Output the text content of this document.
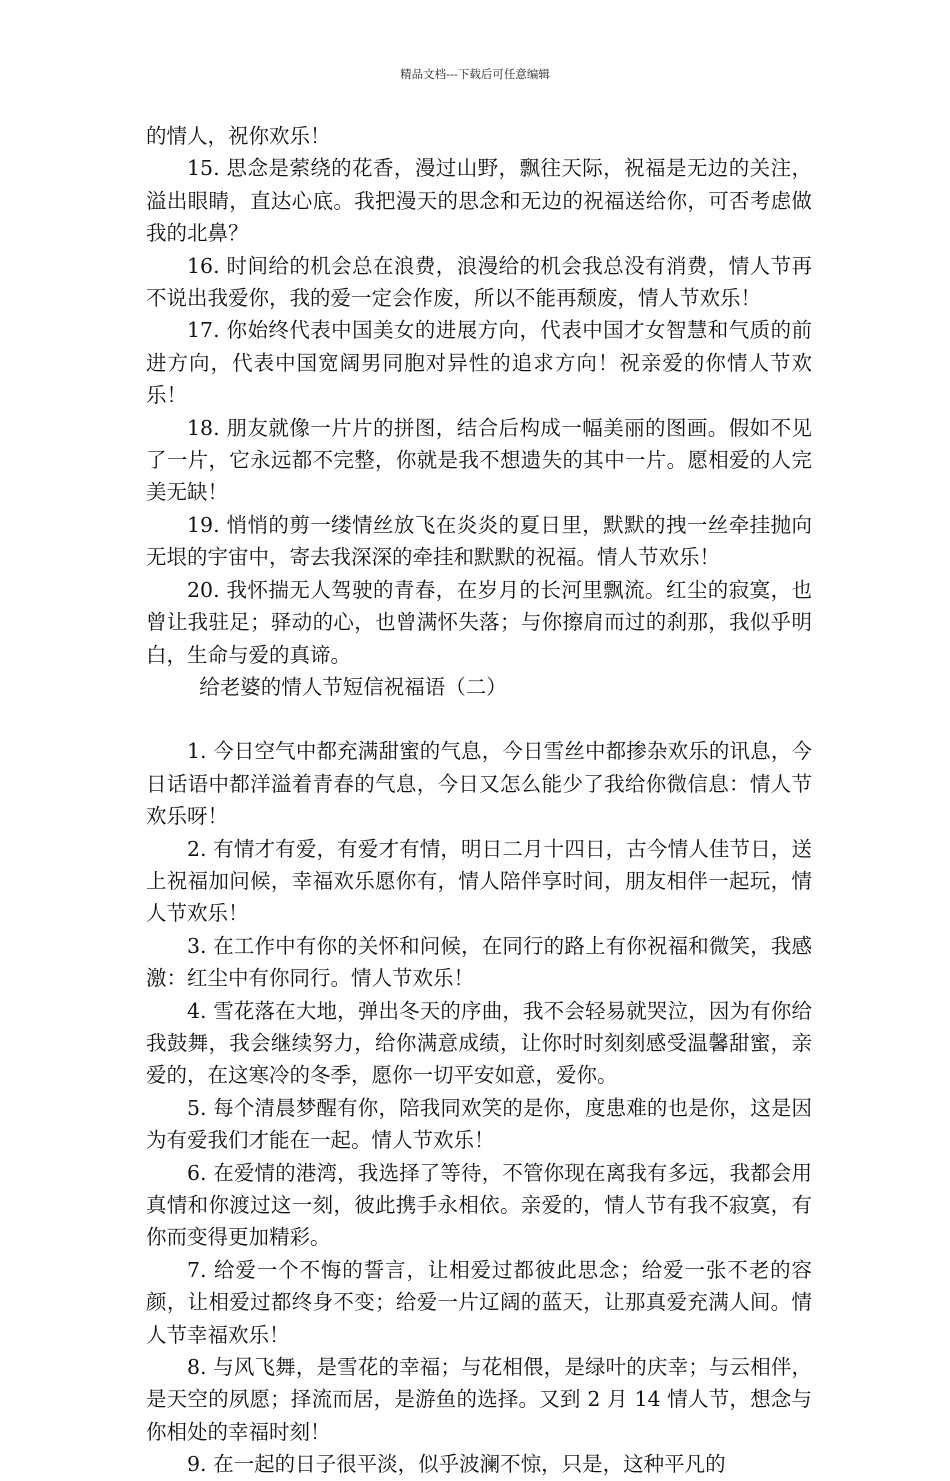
精品文档---下载后可任意编辑

的情人，祝你欢乐！

15. 思念是萦绕的花香，漫过山野，飘往天际，祝福是无边的关注，溢出眼睛，直达心底。我把漫天的思念和无边的祝福送给你，可否考虑做我的北鼻？

16. 时间给的机会总在浪费，浪漫给的机会我总没有消费，情人节再不说出我爱你，我的爱一定会作废，所以不能再颓废，情人节欢乐！

17. 你始终代表中国美女的进展方向，代表中国才女智慧和气质的前进方向，代表中国宽阔男同胞对异性的追求方向！祝亲爱的你情人节欢乐！

18. 朋友就像一片片的拼图，结合后构成一幅美丽的图画。假如不见了一片，它永远都不完整，你就是我不想遗失的其中一片。愿相爱的人完美无缺！

19. 悄悄的剪一缕情丝放飞在炎炎的夏日里，默默的拽一丝牵挂抛向无垠的宇宙中，寄去我深深的牵挂和默默的祝福。情人节欢乐！

20. 我怀揣无人驾驶的青春，在岁月的长河里飘流。红尘的寂寞，也曾让我驻足；驿动的心，也曾满怀失落；与你擦肩而过的刹那，我似乎明白，生命与爱的真谛。

给老婆的情人节短信祝福语（二）

1. 今日空气中都充满甜蜜的气息，今日雪丝中都掺杂欢乐的讯息，今日话语中都洋溢着青春的气息，今日又怎么能少了我给你微信息：情人节欢乐呀！

2. 有情才有爱，有爱才有情，明日二月十四日，古今情人佳节日，送上祝福加问候，幸福欢乐愿你有，情人陪伴享时间，朋友相伴一起玩，情人节欢乐！

3. 在工作中有你的关怀和问候，在同行的路上有你祝福和微笑，我感激：红尘中有你同行。情人节欢乐！

4. 雪花落在大地，弹出冬天的序曲，我不会轻易就哭泣，因为有你给我鼓舞，我会继续努力，给你满意成绩，让你时时刻刻感受温馨甜蜜，亲爱的，在这寒冷的冬季，愿你一切平安如意，爱你。

5. 每个清晨梦醒有你，陪我同欢笑的是你，度患难的也是你，这是因为有爱我们才能在一起。情人节欢乐！

6. 在爱情的港湾，我选择了等待，不管你现在离我有多远，我都会用真情和你渡过这一刻，彼此携手永相依。亲爱的，情人节有我不寂寞，有你而变得更加精彩。

7. 给爱一个不悔的誓言，让相爱过都彼此思念；给爱一张不老的容颜，让相爱过都终身不变；给爱一片辽阔的蓝天，让那真爱充满人间。情人节幸福欢乐！

8. 与风飞舞，是雪花的幸福；与花相偎，是绿叶的庆幸；与云相伴，是天空的夙愿；择流而居，是游鱼的选择。又到 2 月 14 情人节，想念与你相处的幸福时刻！

9. 在一起的日子很平淡，似乎波澜不惊，只是，这种平凡的
